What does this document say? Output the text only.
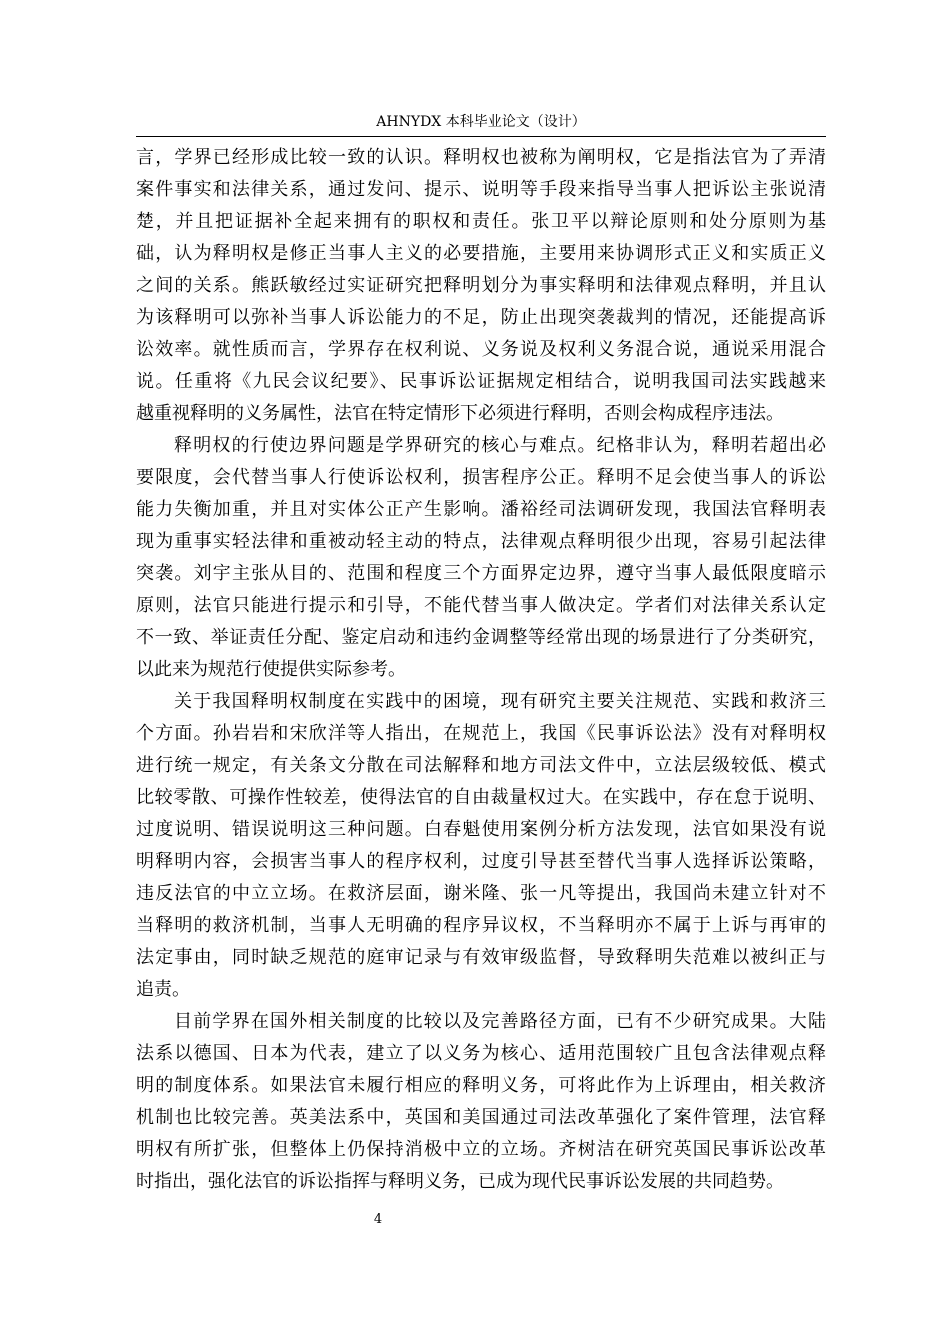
AHNYDX 本科毕业论文（设计）
言，学界已经形成比较一致的认识。释明权也被称为阐明权，它是指法官为了弄清
案件事实和法律关系，通过发问、提示、说明等手段来指导当事人把诉讼主张说清
楚，并且把证据补全起来拥有的职权和责任。张卫平以辩论原则和处分原则为基
础，认为释明权是修正当事人主义的必要措施，主要用来协调形式正义和实质正义
之间的关系。熊跃敏经过实证研究把释明划分为事实释明和法律观点释明，并且认
为该释明可以弥补当事人诉讼能力的不足，防止出现突袭裁判的情况，还能提高诉
讼效率。就性质而言，学界存在权利说、义务说及权利义务混合说，通说采用混合
说。任重将《九民会议纪要》、民事诉讼证据规定相结合，说明我国司法实践越来
越重视释明的义务属性，法官在特定情形下必须进行释明，否则会构成程序违法。
释明权的行使边界问题是学界研究的核心与难点。纪格非认为，释明若超出必
要限度，会代替当事人行使诉讼权利，损害程序公正。释明不足会使当事人的诉讼
能力失衡加重，并且对实体公正产生影响。潘裕经司法调研发现，我国法官释明表
现为重事实轻法律和重被动轻主动的特点，法律观点释明很少出现，容易引起法律
突袭。刘宇主张从目的、范围和程度三个方面界定边界，遵守当事人最低限度暗示
原则，法官只能进行提示和引导，不能代替当事人做决定。学者们对法律关系认定
不一致、举证责任分配、鉴定启动和违约金调整等经常出现的场景进行了分类研究，
以此来为规范行使提供实际参考。
关于我国释明权制度在实践中的困境，现有研究主要关注规范、实践和救济三
个方面。孙岩岩和宋欣洋等人指出，在规范上，我国《民事诉讼法》没有对释明权
进行统一规定，有关条文分散在司法解释和地方司法文件中，立法层级较低、模式
比较零散、可操作性较差，使得法官的自由裁量权过大。在实践中，存在怠于说明、
过度说明、错误说明这三种问题。白春魁使用案例分析方法发现，法官如果没有说
明释明内容，会损害当事人的程序权利，过度引导甚至替代当事人选择诉讼策略，
违反法官的中立立场。在救济层面，谢米隆、张一凡等提出，我国尚未建立针对不
当释明的救济机制，当事人无明确的程序异议权，不当释明亦不属于上诉与再审的
法定事由，同时缺乏规范的庭审记录与有效审级监督，导致释明失范难以被纠正与
追责。
目前学界在国外相关制度的比较以及完善路径方面，已有不少研究成果。大陆
法系以德国、日本为代表，建立了以义务为核心、适用范围较广且包含法律观点释
明的制度体系。如果法官未履行相应的释明义务，可将此作为上诉理由，相关救济
机制也比较完善。英美法系中，英国和美国通过司法改革强化了案件管理，法官释
明权有所扩张，但整体上仍保持消极中立的立场。齐树洁在研究英国民事诉讼改革
时指出，强化法官的诉讼指挥与释明义务，已成为现代民事诉讼发展的共同趋势。
4
